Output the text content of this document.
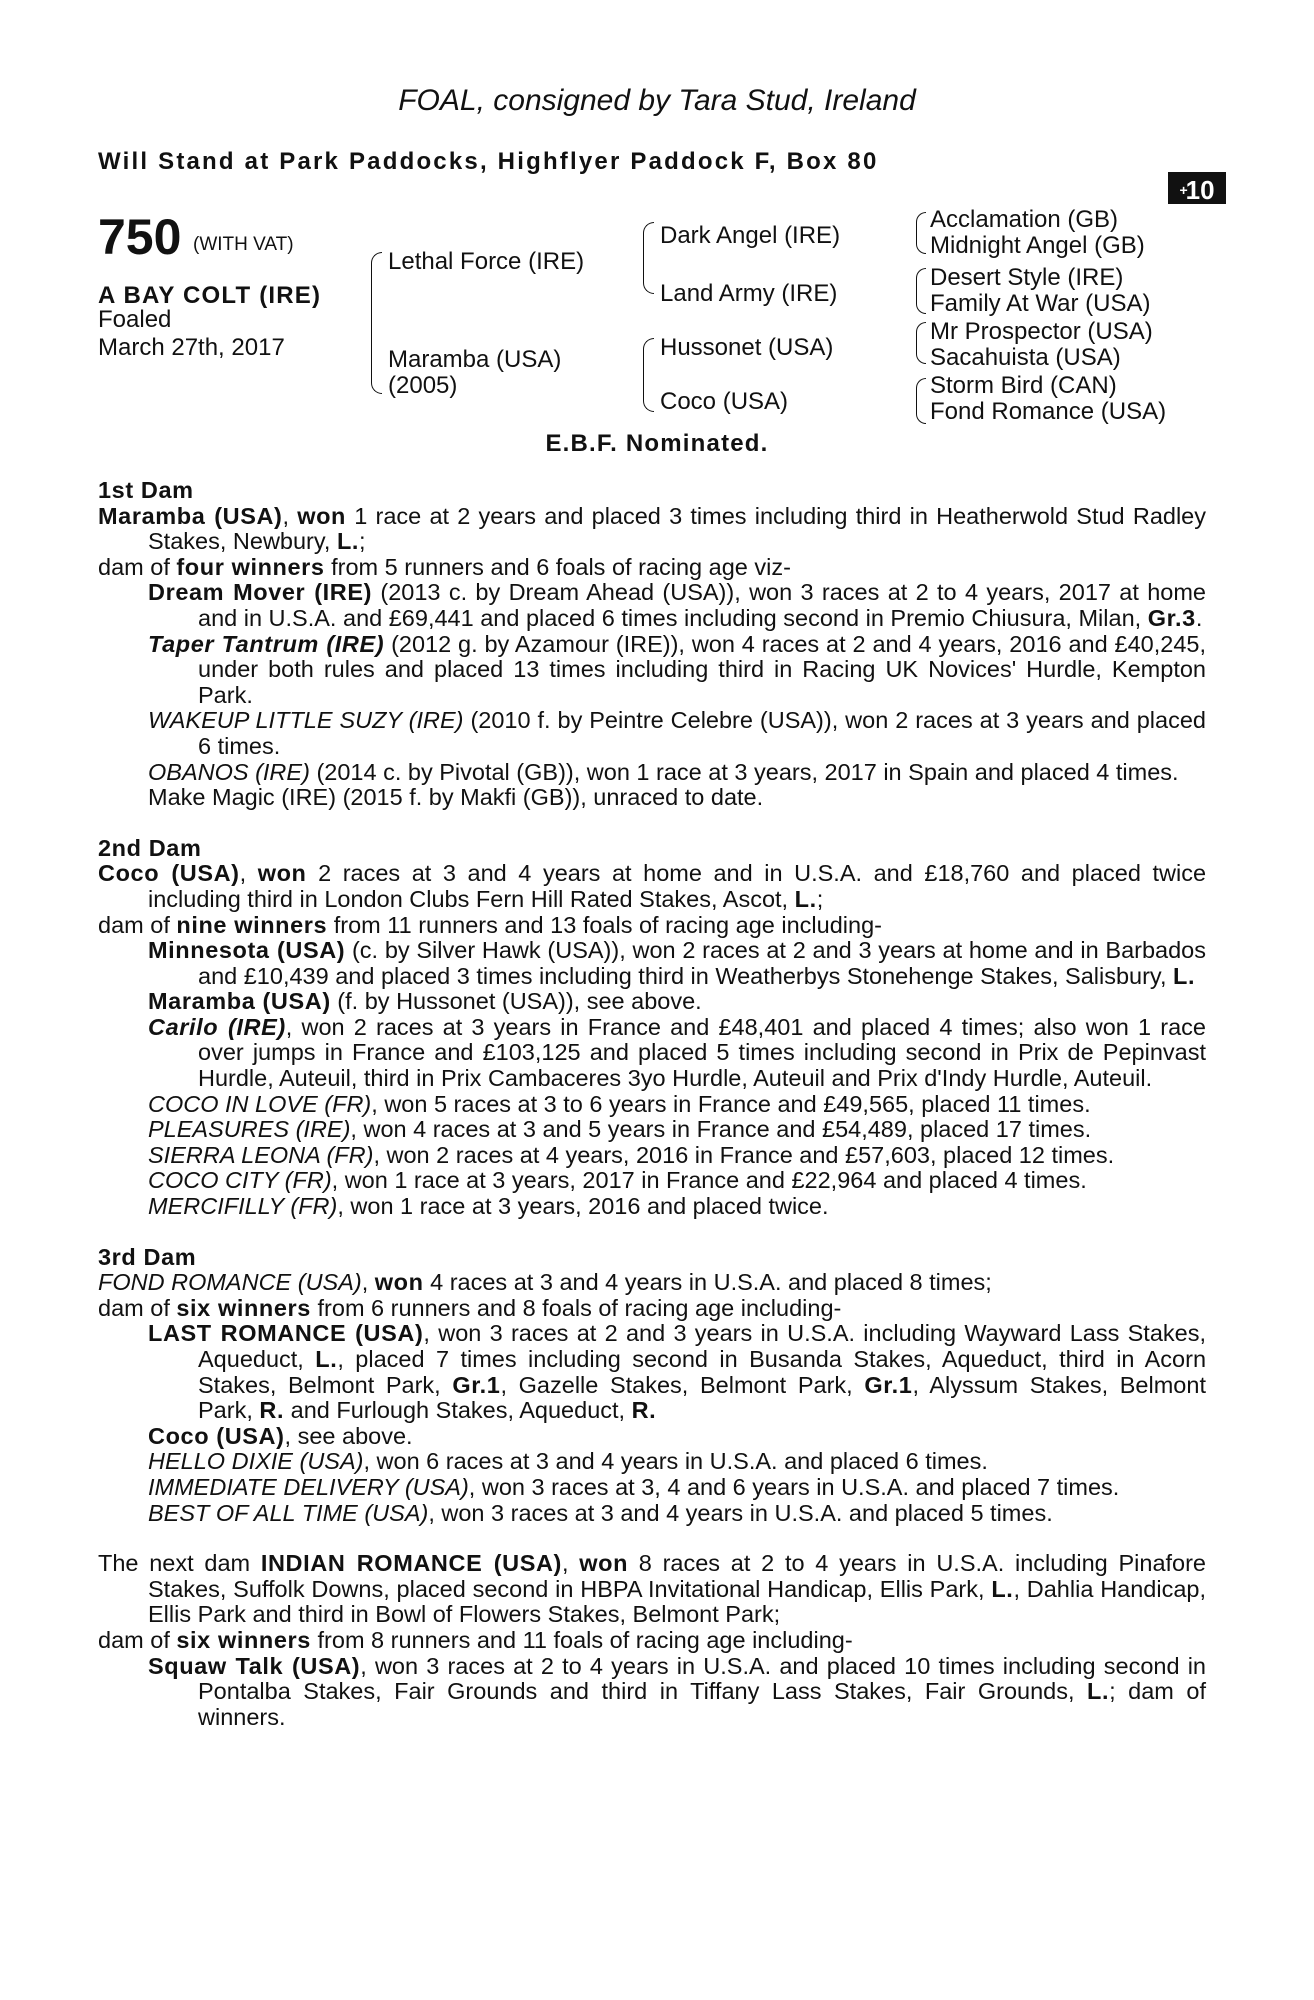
FOAL, consigned by Tara Stud, Ireland
Will Stand at Park Paddocks, Highflyer Paddock F, Box 80
+10
750 (WITH VAT)
A BAY COLT (IRE)
Foaled
March 27th, 2017
Lethal Force (IRE)
Maramba (USA)
(2005)
Dark Angel (IRE)
Land Army (IRE)
Hussonet (USA)
Coco (USA)
Acclamation (GB)
Midnight Angel (GB)
Desert Style (IRE)
Family At War (USA)
Mr Prospector (USA)
Sacahuista (USA)
Storm Bird (CAN)
Fond Romance (USA)
E.B.F. Nominated.

1st Dam

Maramba (USA), won 1 race at 2 years and placed 3 times including third in Heatherwold Stud Radley Stakes, Newbury, L.;

dam of four winners from 5 runners and 6 foals of racing age viz-

Dream Mover (IRE) (2013 c. by Dream Ahead (USA)), won 3 races at 2 to 4 years, 2017 at home and in U.S.A. and £69,441 and placed 6 times including second in Premio Chiusura, Milan, Gr.3.

Taper Tantrum (IRE) (2012 g. by Azamour (IRE)), won 4 races at 2 and 4 years, 2016 and £40,245, under both rules and placed 13 times including third in Racing UK Novices' Hurdle, Kempton Park.

WAKEUP LITTLE SUZY (IRE) (2010 f. by Peintre Celebre (USA)), won 2 races at 3 years and placed 6 times.

OBANOS (IRE) (2014 c. by Pivotal (GB)), won 1 race at 3 years, 2017 in Spain and placed 4 times.

Make Magic (IRE) (2015 f. by Makfi (GB)), unraced to date.

2nd Dam

Coco (USA), won 2 races at 3 and 4 years at home and in U.S.A. and £18,760 and placed twice including third in London Clubs Fern Hill Rated Stakes, Ascot, L.;

dam of nine winners from 11 runners and 13 foals of racing age including-

Minnesota (USA) (c. by Silver Hawk (USA)), won 2 races at 2 and 3 years at home and in Barbados and £10,439 and placed 3 times including third in Weatherbys Stonehenge Stakes, Salisbury, L.

Maramba (USA) (f. by Hussonet (USA)), see above.

Carilo (IRE), won 2 races at 3 years in France and £48,401 and placed 4 times; also won 1 race over jumps in France and £103,125 and placed 5 times including second in Prix de Pepinvast Hurdle, Auteuil, third in Prix Cambaceres 3yo Hurdle, Auteuil and Prix d'Indy Hurdle, Auteuil.

COCO IN LOVE (FR), won 5 races at 3 to 6 years in France and £49,565, placed 11 times.

PLEASURES (IRE), won 4 races at 3 and 5 years in France and £54,489, placed 17 times.

SIERRA LEONA (FR), won 2 races at 4 years, 2016 in France and £57,603, placed 12 times.

COCO CITY (FR), won 1 race at 3 years, 2017 in France and £22,964 and placed 4 times.

MERCIFILLY (FR), won 1 race at 3 years, 2016 and placed twice.

3rd Dam

FOND ROMANCE (USA), won 4 races at 3 and 4 years in U.S.A. and placed 8 times;

dam of six winners from 6 runners and 8 foals of racing age including-

LAST ROMANCE (USA), won 3 races at 2 and 3 years in U.S.A. including Wayward Lass Stakes, Aqueduct, L., placed 7 times including second in Busanda Stakes, Aqueduct, third in Acorn Stakes, Belmont Park, Gr.1, Gazelle Stakes, Belmont Park, Gr.1, Alyssum Stakes, Belmont Park, R. and Furlough Stakes, Aqueduct, R.

Coco (USA), see above.

HELLO DIXIE (USA), won 6 races at 3 and 4 years in U.S.A. and placed 6 times.

IMMEDIATE DELIVERY (USA), won 3 races at 3, 4 and 6 years in U.S.A. and placed 7 times.

BEST OF ALL TIME (USA), won 3 races at 3 and 4 years in U.S.A. and placed 5 times.

The next dam INDIAN ROMANCE (USA), won 8 races at 2 to 4 years in U.S.A. including Pinafore Stakes, Suffolk Downs, placed second in HBPA Invitational Handicap, Ellis Park, L., Dahlia Handicap, Ellis Park and third in Bowl of Flowers Stakes, Belmont Park;

dam of six winners from 8 runners and 11 foals of racing age including-

Squaw Talk (USA), won 3 races at 2 to 4 years in U.S.A. and placed 10 times including second in Pontalba Stakes, Fair Grounds and third in Tiffany Lass Stakes, Fair Grounds, L.; dam of winners.
